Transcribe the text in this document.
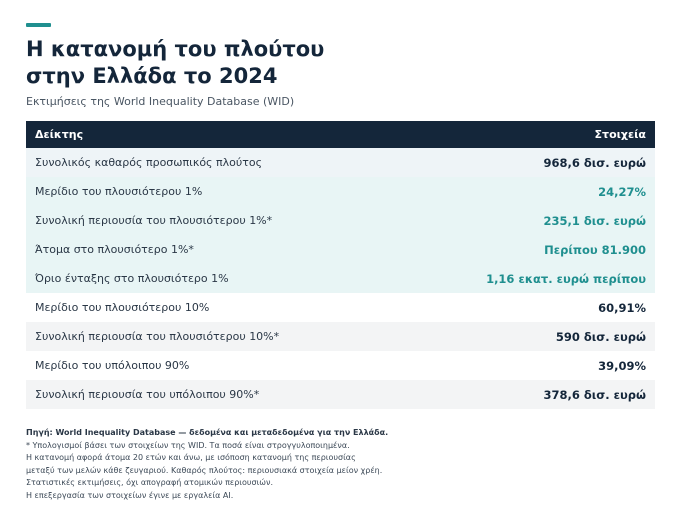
Η κατανομή του πλούτου
στην Ελλάδα το 2024
Εκτιμήσεις της World Inequality Database (WID)
Δείκτης	Στοιχεία
Συνολικός καθαρός προσωπικός πλούτος	968,6 δισ. ευρώ
Μερίδιο του πλουσιότερου 1%	24,27%
Συνολική περιουσία του πλουσιότερου 1%*	235,1 δισ. ευρώ
Άτομα στο πλουσιότερο 1%*	Περίπου 81.900
Όριο ένταξης στο πλουσιότερο 1%	1,16 εκατ. ευρώ περίπου
Μερίδιο του πλουσιότερου 10%	60,91%
Συνολική περιουσία του πλουσιότερου 10%*	590 δισ. ευρώ
Μερίδιο του υπόλοιπου 90%	39,09%
Συνολική περιουσία του υπόλοιπου 90%*	378,6 δισ. ευρώ
Πηγή: World Inequality Database — δεδομένα και μεταδεδομένα για την Ελλάδα.
* Υπολογισμοί βάσει των στοιχείων της WID. Τα ποσά είναι στρογγυλοποιημένα.
Η κατανομή αφορά άτομα 20 ετών και άνω, με ισόποση κατανομή της περιουσίας
μεταξύ των μελών κάθε ζευγαριού. Καθαρός πλούτος: περιουσιακά στοιχεία μείον χρέη.
Στατιστικές εκτιμήσεις, όχι απογραφή ατομικών περιουσιών.
Η επεξεργασία των στοιχείων έγινε με εργαλεία AI.
